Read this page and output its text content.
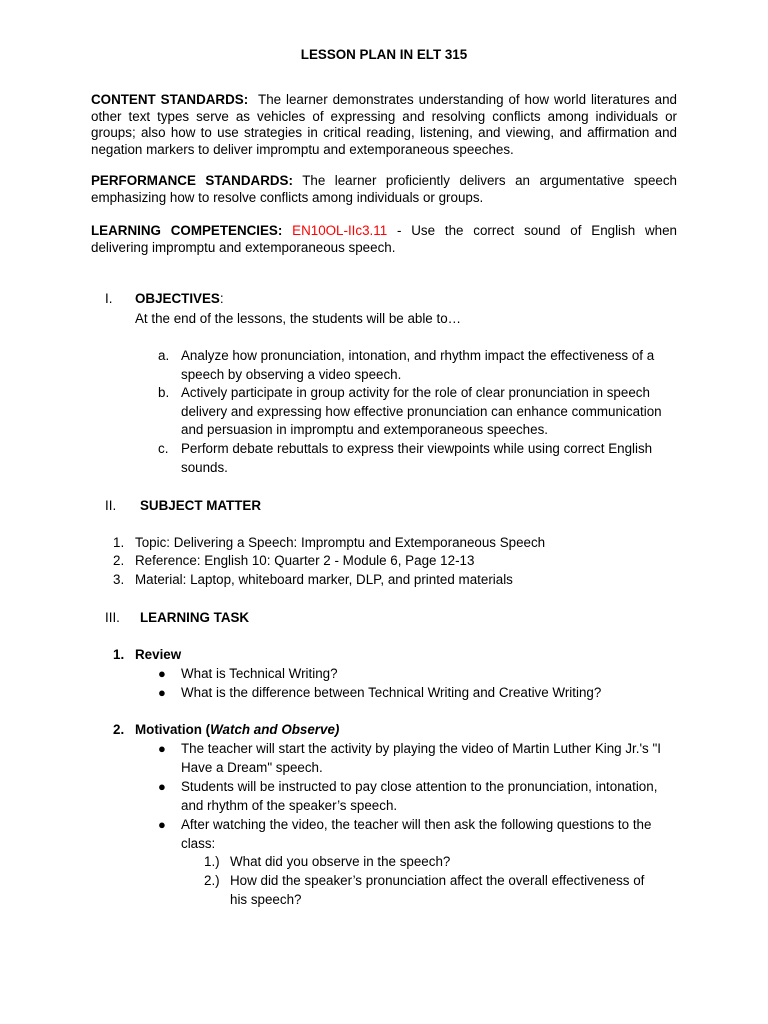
LESSON PLAN IN ELT 315

CONTENT STANDARDS: The learner demonstrates understanding of how world literatures and other text types serve as vehicles of expressing and resolving conflicts among individuals or groups; also how to use strategies in critical reading, listening, and viewing, and affirmation and negation markers to deliver impromptu and extemporaneous speeches.

PERFORMANCE STANDARDS: The learner proficiently delivers an argumentative speech emphasizing how to resolve conflicts among individuals or groups.

LEARNING COMPETENCIES: EN10OL-IIc3.11 - Use the correct sound of English when delivering impromptu and extemporaneous speech.

I. OBJECTIVES:
At the end of the lessons, the students will be able to…
a. Analyze how pronunciation, intonation, and rhythm impact the effectiveness of a speech by observing a video speech.
b. Actively participate in group activity for the role of clear pronunciation in speech delivery and expressing how effective pronunciation can enhance communication and persuasion in impromptu and extemporaneous speeches.
c. Perform debate rebuttals to express their viewpoints while using correct English sounds.
II. SUBJECT MATTER
1. Topic: Delivering a Speech: Impromptu and Extemporaneous Speech
2. Reference: English 10: Quarter 2 - Module 6, Page 12-13
3. Material: Laptop, whiteboard marker, DLP, and printed materials
III. LEARNING TASK
1. Review
● What is Technical Writing?
● What is the difference between Technical Writing and Creative Writing?
2. Motivation (Watch and Observe)
● The teacher will start the activity by playing the video of Martin Luther King Jr.'s "I Have a Dream" speech.
● Students will be instructed to pay close attention to the pronunciation, intonation, and rhythm of the speaker’s speech.
● After watching the video, the teacher will then ask the following questions to the class:
1.) What did you observe in the speech?
2.) How did the speaker’s pronunciation affect the overall effectiveness of his speech?
